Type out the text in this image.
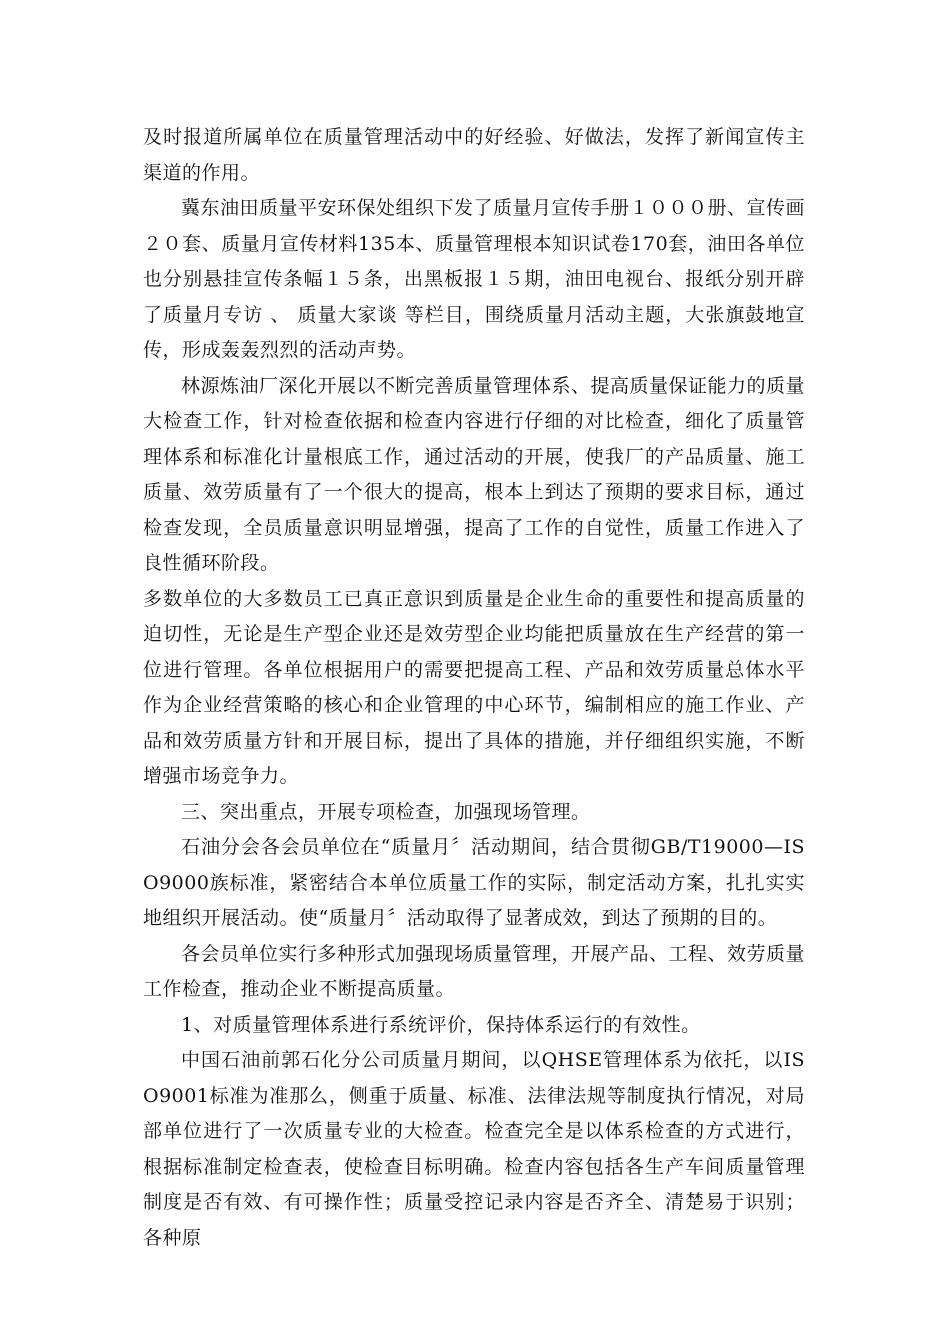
及时报道所属单位在质量管理活动中的好经验、好做法，发挥了新闻宣传主渠道的作用。

冀东油田质量平安环保处组织下发了质量月宣传手册１０００册、宣传画２０套、质量月宣传材料135本、质量管理根本知识试卷170套，油田各单位也分别悬挂宣传条幅１５条，出黑板报１５期，油田电视台、报纸分别开辟了质量月专访 、 质量大家谈 等栏目，围绕质量月活动主题，大张旗鼓地宣传，形成轰轰烈烈的活动声势。

林源炼油厂深化开展以不断完善质量管理体系、提高质量保证能力的质量大检查工作，针对检查依据和检查内容进行仔细的对比检查，细化了质量管理体系和标准化计量根底工作，通过活动的开展，使我厂的产品质量、施工质量、效劳质量有了一个很大的提高，根本上到达了预期的要求目标，通过检查发现，全员质量意识明显增强，提高了工作的自觉性，质量工作进入了良性循环阶段。

多数单位的大多数员工已真正意识到质量是企业生命的重要性和提高质量的迫切性，无论是生产型企业还是效劳型企业均能把质量放在生产经营的第一位进行管理。各单位根据用户的需要把提高工程、产品和效劳质量总体水平作为企业经营策略的核心和企业管理的中心环节，编制相应的施工作业、产品和效劳质量方针和开展目标，提出了具体的措施，并仔细组织实施，不断增强市场竞争力。

三、突出重点，开展专项检查，加强现场管理。

石油分会各会员单位在“质量月〞活动期间，结合贯彻GB/T19000—ISO9000族标准，紧密结合本单位质量工作的实际，制定活动方案，扎扎实实地组织开展活动。使“质量月〞活动取得了显著成效，到达了预期的目的。

各会员单位实行多种形式加强现场质量管理，开展产品、工程、效劳质量工作检查，推动企业不断提高质量。

1、对质量管理体系进行系统评价，保持体系运行的有效性。

中国石油前郭石化分公司质量月期间，以QHSE管理体系为依托，以ISO9001标准为准那么，侧重于质量、标准、法律法规等制度执行情况，对局部单位进行了一次质量专业的大检查。检查完全是以体系检查的方式进行，根据标准制定检查表，使检查目标明确。检查内容包括各生产车间质量管理制度是否有效、有可操作性；质量受控记录内容是否齐全、清楚易于识别；各种原
